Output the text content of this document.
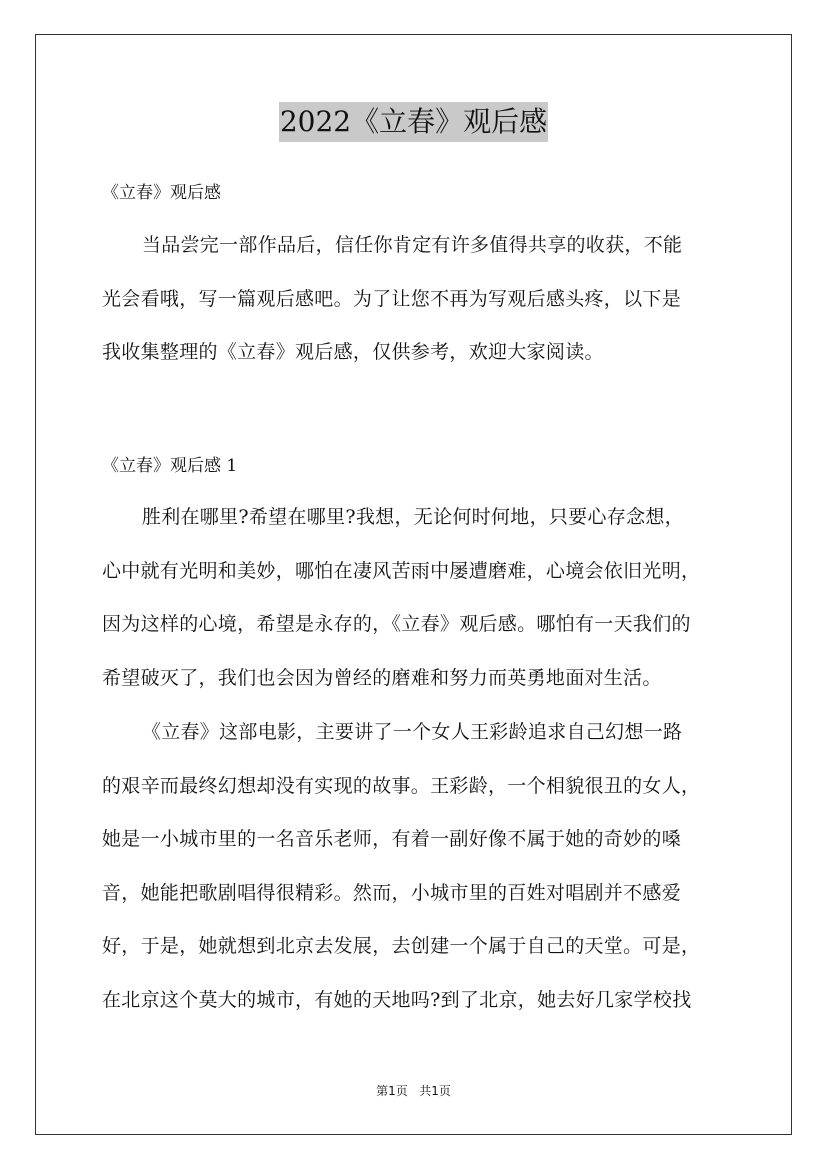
2022《立春》观后感

《立春》观后感

当品尝完一部作品后，信任你肯定有许多值得共享的收获，不能
光会看哦，写一篇观后感吧。为了让您不再为写观后感头疼，以下是
我收集整理的《立春》观后感，仅供参考，欢迎大家阅读。

《立春》观后感 1

胜利在哪里?希望在哪里?我想，无论何时何地，只要心存念想，
心中就有光明和美妙，哪怕在凄风苦雨中屡遭磨难，心境会依旧光明，
因为这样的心境，希望是永存的，《立春》观后感。哪怕有一天我们的
希望破灭了，我们也会因为曾经的磨难和努力而英勇地面对生活。
《立春》这部电影，主要讲了一个女人王彩龄追求自己幻想一路
的艰辛而最终幻想却没有实现的故事。王彩龄，一个相貌很丑的女人，
她是一小城市里的一名音乐老师，有着一副好像不属于她的奇妙的嗓
音，她能把歌剧唱得很精彩。然而，小城市里的百姓对唱剧并不感爱
好，于是，她就想到北京去发展，去创建一个属于自己的天堂。可是，
在北京这个莫大的城市，有她的天地吗?到了北京，她去好几家学校找
第1页   共1页
